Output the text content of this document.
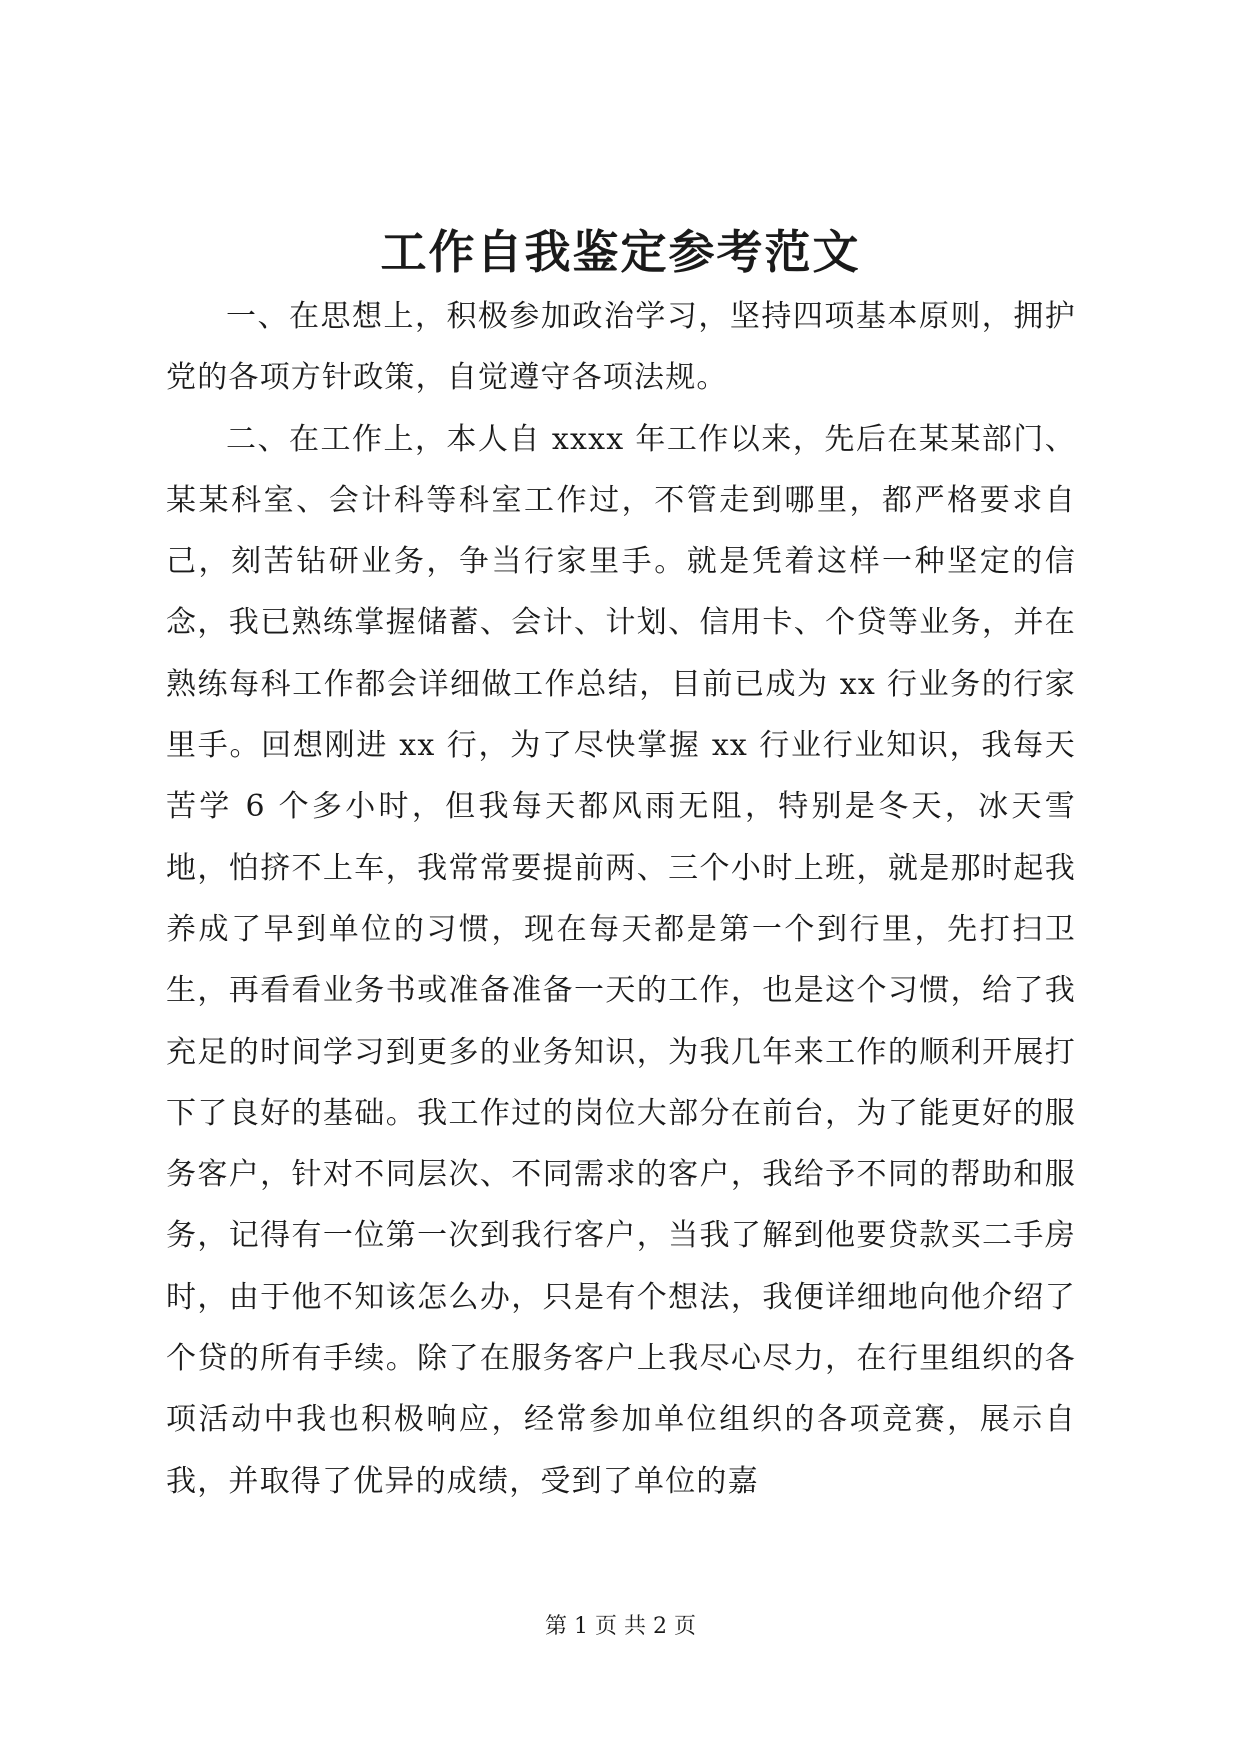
工作自我鉴定参考范文

一、在思想上，积极参加政治学习，坚持四项基本原则，拥护党的各项方针政策，自觉遵守各项法规。

二、在工作上，本人自 xxxx 年工作以来，先后在某某部门、某某科室、会计科等科室工作过，不管走到哪里，都严格要求自己，刻苦钻研业务，争当行家里手。就是凭着这样一种坚定的信念，我已熟练掌握储蓄、会计、计划、信用卡、个贷等业务，并在熟练每科工作都会详细做工作总结，目前已成为 xx 行业务的行家里手。回想刚进 xx 行，为了尽快掌握 xx 行业行业知识，我每天苦学 6 个多小时，但我每天都风雨无阻，特别是冬天，冰天雪地，怕挤不上车，我常常要提前两、三个小时上班，就是那时起我养成了早到单位的习惯，现在每天都是第一个到行里，先打扫卫生，再看看业务书或准备准备一天的工作，也是这个习惯，给了我充足的时间学习到更多的业务知识，为我几年来工作的顺利开展打下了良好的基础。我工作过的岗位大部分在前台，为了能更好的服务客户，针对不同层次、不同需求的客户，我给予不同的帮助和服务，记得有一位第一次到我行客户，当我了解到他要贷款买二手房时，由于他不知该怎么办，只是有个想法，我便详细地向他介绍了个贷的所有手续。除了在服务客户上我尽心尽力，在行里组织的各项活动中我也积极响应，经常参加单位组织的各项竞赛，展示自我，并取得了优异的成绩，受到了单位的嘉

第 1 页 共 2 页
